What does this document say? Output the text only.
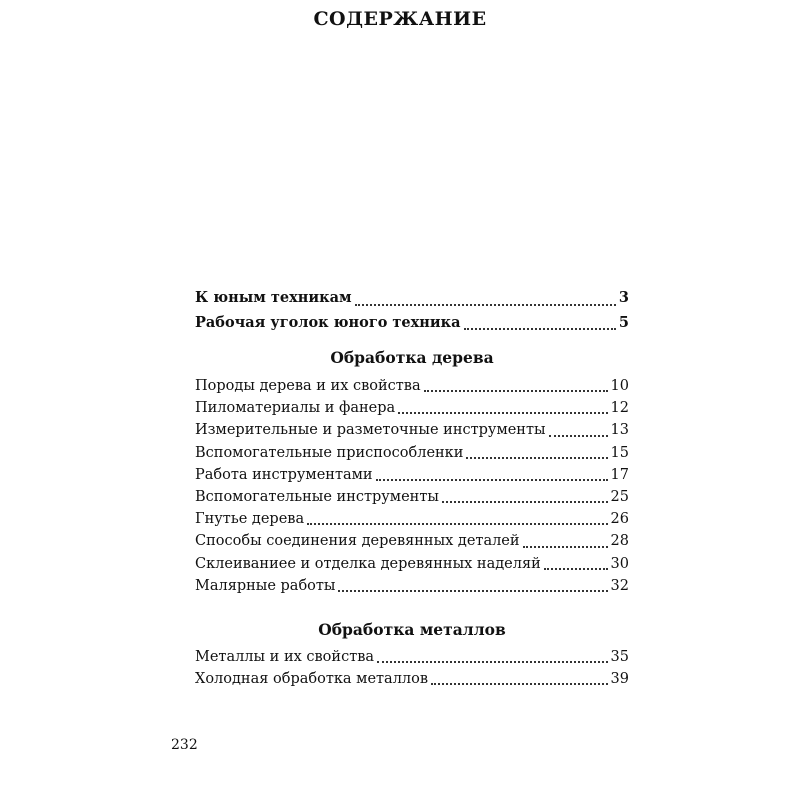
СОДЕРЖАНИЕ
К юным техникам	3
Рабочая уголок юного техника	5
Обработка дерева
Породы дерева и их свойства	10
Пиломатериалы и фанера	12
Измерительные и разметочные инструменты	13
Вспомогательные приспособленки	15
Работа инструментами	17
Вспомогательные инструменты	25
Гнутье дерева	26
Способы соединения деревянных деталей	28
Склеиваниее и отделка деревянных наделяй	30
Малярные работы	32
Обработка металлов
Металлы и их свойства	35
Холодная обработка металлов	39
232
